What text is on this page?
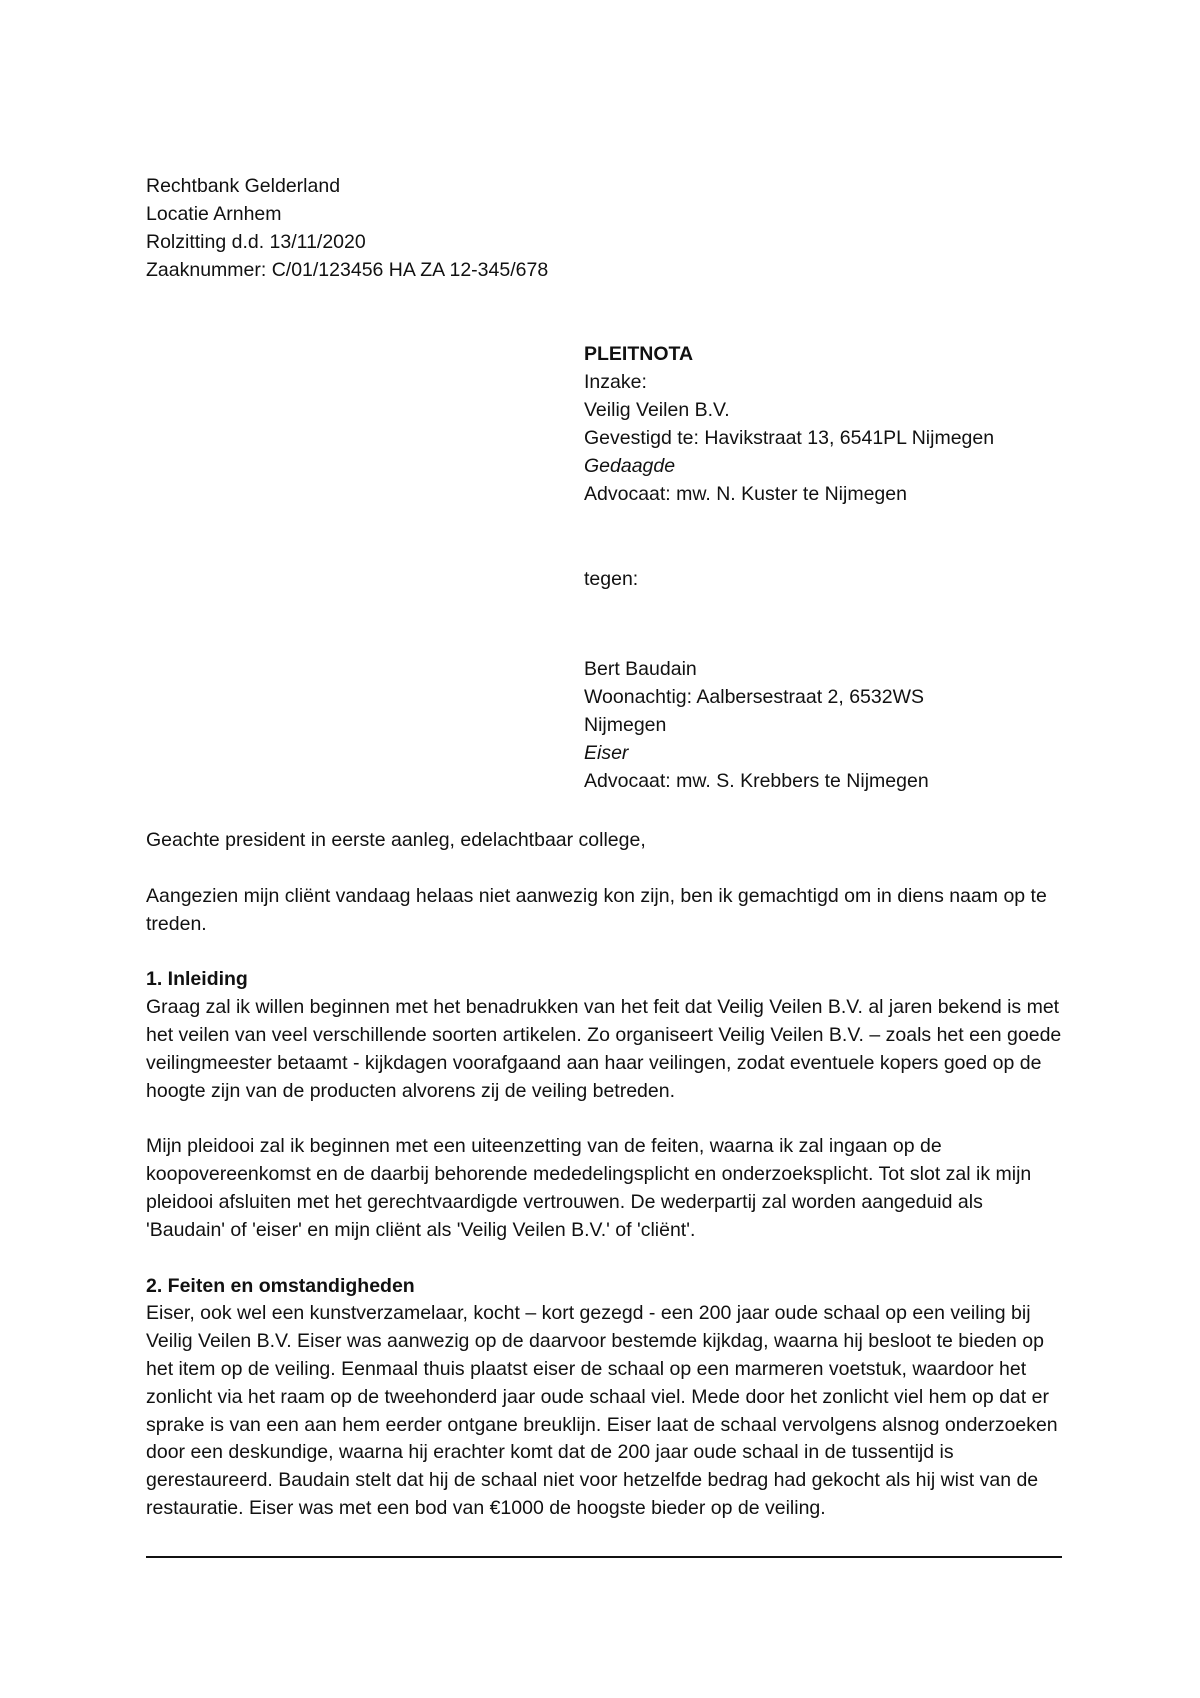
Rechtbank Gelderland
Locatie Arnhem
Rolzitting d.d. 13/11/2020
Zaaknummer: C/01/123456 HA ZA 12-345/678
PLEITNOTA
Inzake:
Veilig Veilen B.V.
Gevestigd te: Havikstraat 13, 6541PL Nijmegen
Gedaagde
Advocaat: mw. N. Kuster te Nijmegen
tegen:
Bert Baudain
Woonachtig: Aalbersestraat 2, 6532WS
Nijmegen
Eiser
Advocaat: mw. S. Krebbers te Nijmegen

Geachte president in eerste aanleg, edelachtbaar college,

Aangezien mijn cliënt vandaag helaas niet aanwezig kon zijn, ben ik gemachtigd om in diens naam op te treden.

1. Inleiding

Graag zal ik willen beginnen met het benadrukken van het feit dat Veilig Veilen B.V. al jaren bekend is met het veilen van veel verschillende soorten artikelen. Zo organiseert Veilig Veilen B.V. – zoals het een goede veilingmeester betaamt - kijkdagen voorafgaand aan haar veilingen, zodat eventuele kopers goed op de hoogte zijn van de producten alvorens zij de veiling betreden.

Mijn pleidooi zal ik beginnen met een uiteenzetting van de feiten, waarna ik zal ingaan op de koopovereenkomst en de daarbij behorende mededelingsplicht en onderzoeksplicht. Tot slot zal ik mijn pleidooi afsluiten met het gerechtvaardigde vertrouwen. De wederpartij zal worden aangeduid als 'Baudain' of 'eiser' en mijn cliënt als 'Veilig Veilen B.V.' of 'cliënt'.

2. Feiten en omstandigheden

Eiser, ook wel een kunstverzamelaar, kocht – kort gezegd - een 200 jaar oude schaal op een veiling bij Veilig Veilen B.V. Eiser was aanwezig op de daarvoor bestemde kijkdag, waarna hij besloot te bieden op het item op de veiling. Eenmaal thuis plaatst eiser de schaal op een marmeren voetstuk, waardoor het zonlicht via het raam op de tweehonderd jaar oude schaal viel. Mede door het zonlicht viel hem op dat er sprake is van een aan hem eerder ontgane breuklijn. Eiser laat de schaal vervolgens alsnog onderzoeken door een deskundige, waarna hij erachter komt dat de 200 jaar oude schaal in de tussentijd is gerestaureerd. Baudain stelt dat hij de schaal niet voor hetzelfde bedrag had gekocht als hij wist van de restauratie. Eiser was met een bod van €1000 de hoogste bieder op de veiling.
